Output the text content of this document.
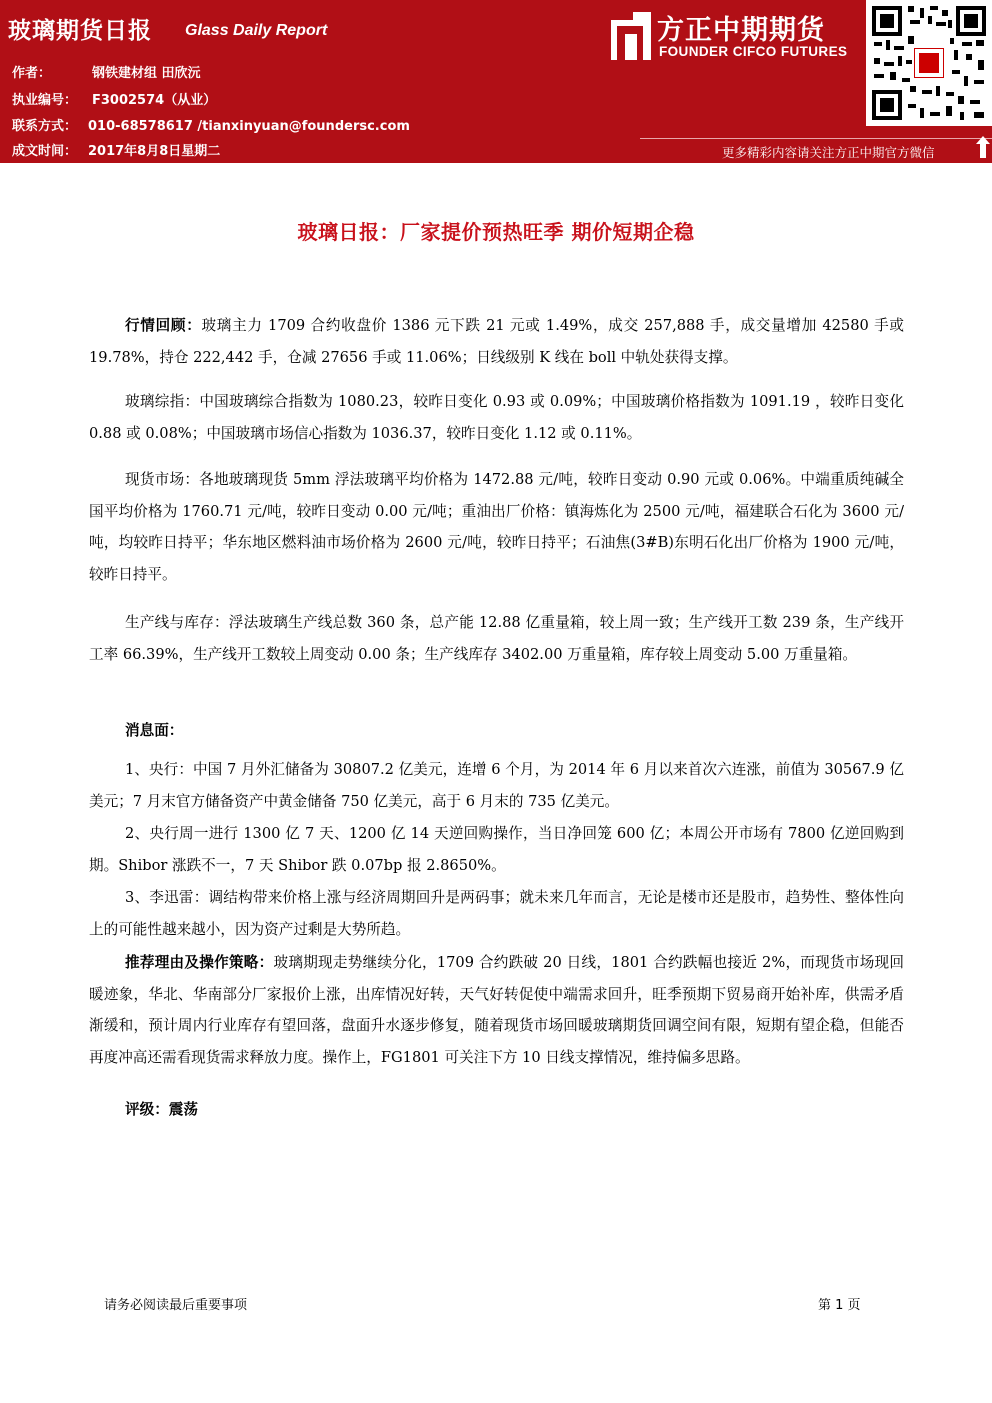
玻璃期货日报 Glass Daily Report
作者：	钢铁建材组 田欣沅
执业编号： F3002574（从业）
联系方式： 010-68578617 /tianxinyuan@foundersc.com
成文时间： 2017年8月8日星期二
方正中期期货
FOUNDER CIFCO FUTURES
更多精彩内容请关注方正中期官方微信
玻璃日报：厂家提价预热旺季 期价短期企稳

行情回顾：玻璃主力 1709 合约收盘价 1386 元下跌 21 元或 1.49%，成交 257,888 手，成交量增加 42580 手或 19.78%，持仓 222,442 手，仓减 27656 手或 11.06%；日线级别 K 线在 boll 中轨处获得支撑。

玻璃综指：中国玻璃综合指数为 1080.23，较昨日变化 0.93 或 0.09%；中国玻璃价格指数为 1091.19 ，较昨日变化 0.88 或 0.08%；中国玻璃市场信心指数为 1036.37，较昨日变化 1.12 或 0.11%。

现货市场：各地玻璃现货 5mm 浮法玻璃平均价格为 1472.88 元/吨，较昨日变动 0.90 元或 0.06%。中端重质纯碱全国平均价格为 1760.71 元/吨，较昨日变动 0.00 元/吨；重油出厂价格：镇海炼化为 2500 元/吨，福建联合石化为 3600 元/吨，均较昨日持平；华东地区燃料油市场价格为 2600 元/吨，较昨日持平；石油焦(3#B)东明石化出厂价格为 1900 元/吨，较昨日持平。

生产线与库存：浮法玻璃生产线总数 360 条，总产能 12.88 亿重量箱，较上周一致；生产线开工数 239 条，生产线开工率 66.39%，生产线开工数较上周变动 0.00 条；生产线库存 3402.00 万重量箱，库存较上周变动 5.00 万重量箱。

消息面：

1、央行：中国 7 月外汇储备为 30807.2 亿美元，连增 6 个月，为 2014 年 6 月以来首次六连涨，前值为 30567.9 亿美元；7 月末官方储备资产中黄金储备 750 亿美元，高于 6 月末的 735 亿美元。

2、央行周一进行 1300 亿 7 天、1200 亿 14 天逆回购操作，当日净回笼 600 亿；本周公开市场有 7800 亿逆回购到期。Shibor 涨跌不一，7 天 Shibor 跌 0.07bp 报 2.8650%。

3、李迅雷：调结构带来价格上涨与经济周期回升是两码事；就未来几年而言，无论是楼市还是股市，趋势性、整体性向上的可能性越来越小，因为资产过剩是大势所趋。

推荐理由及操作策略：玻璃期现走势继续分化，1709 合约跌破 20 日线，1801 合约跌幅也接近 2%，而现货市场现回暖迹象，华北、华南部分厂家报价上涨，出库情况好转，天气好转促使中端需求回升，旺季预期下贸易商开始补库，供需矛盾渐缓和，预计周内行业库存有望回落，盘面升水逐步修复，随着现货市场回暖玻璃期货回调空间有限，短期有望企稳，但能否再度冲高还需看现货需求释放力度。操作上，FG1801 可关注下方 10 日线支撑情况，维持偏多思路。

评级：震荡
请务必阅读最后重要事项	第 1 页
